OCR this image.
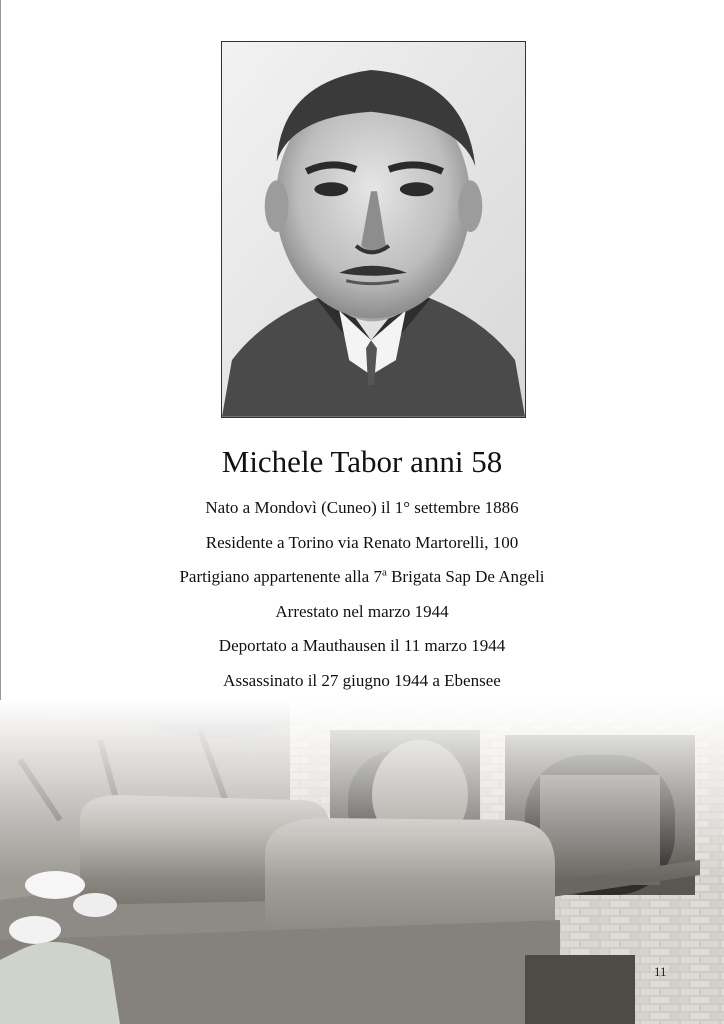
Michele Tabor anni 58
Nato a Mondovì (Cuneo) il 1° settembre 1886
Residente a Torino via Renato Martorelli, 100
Partigiano appartenente alla 7$^a$ Brigata Sap De Angeli
Arrestato nel marzo 1944
Deportato a Mauthausen il 11 marzo 1944
Assassinato il 27 giugno 1944 a Ebensee
11
